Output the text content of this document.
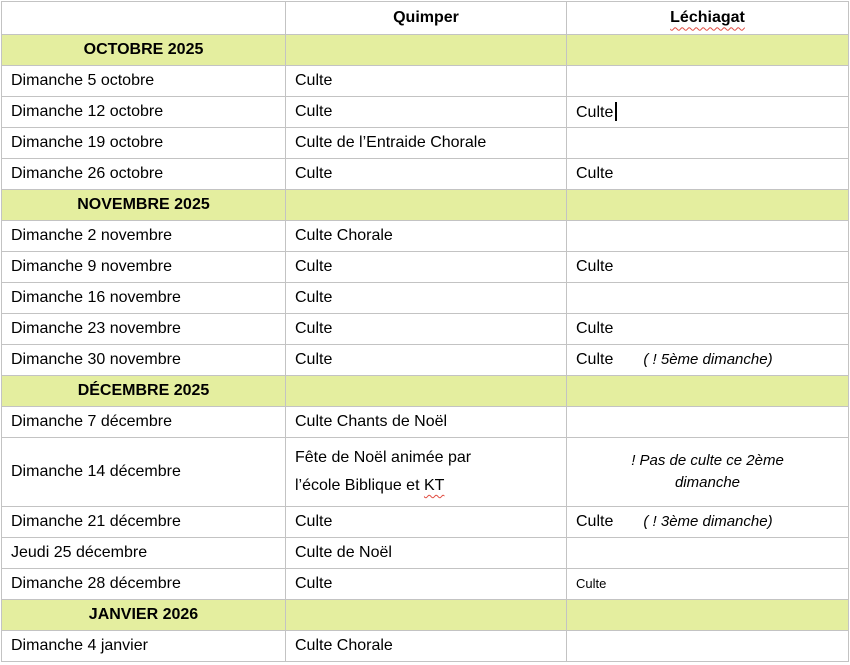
	Quimper	Léchiagat
OCTOBRE 2025		
Dimanche 5 octobre	Culte	
Dimanche 12 octobre	Culte	Culte
Dimanche 19 octobre	Culte de l’Entraide Chorale	
Dimanche 26 octobre	Culte	Culte
NOVEMBRE 2025		
Dimanche 2 novembre	Culte Chorale	
Dimanche 9 novembre	Culte	Culte
Dimanche 16 novembre	Culte	
Dimanche 23 novembre	Culte	Culte
Dimanche 30 novembre	Culte	Culte ( ! 5ème dimanche)
DÉCEMBRE 2025		
Dimanche 7 décembre	Culte Chants de Noël	
Dimanche 14 décembre	Fête de Noël animée par l’école Biblique et KT	! Pas de culte ce 2ème dimanche

Dimanche 21 décembre	Culte	Culte ( ! 3ème dimanche)
Jeudi 25 décembre	Culte de Noël	
Dimanche 28 décembre	Culte	Culte
JANVIER 2026		
Dimanche 4 janvier	Culte Chorale	
